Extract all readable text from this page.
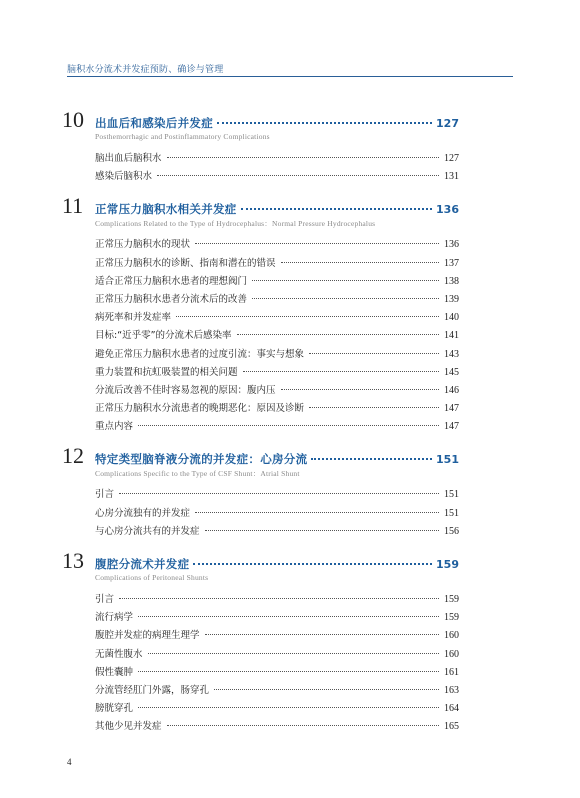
脑积水分流术并发症预防、确诊与管理
10 出血后和感染后并发症	127
Posthemorrhagic and Postinflammatory Complications
脑出血后脑积水	127
感染后脑积水	131
11	正常压力脑积水相关并发症	136
Complications Related to the Type of Hydrocephalus：Normal Pressure Hydrocephalus
正常压力脑积水的现状	136
正常压力脑积水的诊断、指南和潜在的错误	137
适合正常压力脑积水患者的理想阀门	138
正常压力脑积水患者分流术后的改善	139
病死率和并发症率	140
目标:“近乎零”的分流术后感染率	141
避免正常压力脑积水患者的过度引流：事实与想象	143
重力装置和抗虹吸装置的相关问题	145
分流后改善不佳时容易忽视的原因：腹内压	146
正常压力脑积水分流患者的晚期恶化：原因及诊断	147
重点内容	147
12 特定类型脑脊液分流的并发症：心房分流	151
Complications Specific to the Type of CSF Shunt：Atrial Shunt
引言	151
心房分流独有的并发症	151
与心房分流共有的并发症	156
13 腹腔分流术并发症	159
Complications of Peritoneal Shunts
引言	159
流行病学	159
腹腔并发症的病理生理学	160
无菌性腹水	160
假性囊肿	161
分流管经肛门外露，肠穿孔	163
膀胱穿孔	164
其他少见并发症	165
4
